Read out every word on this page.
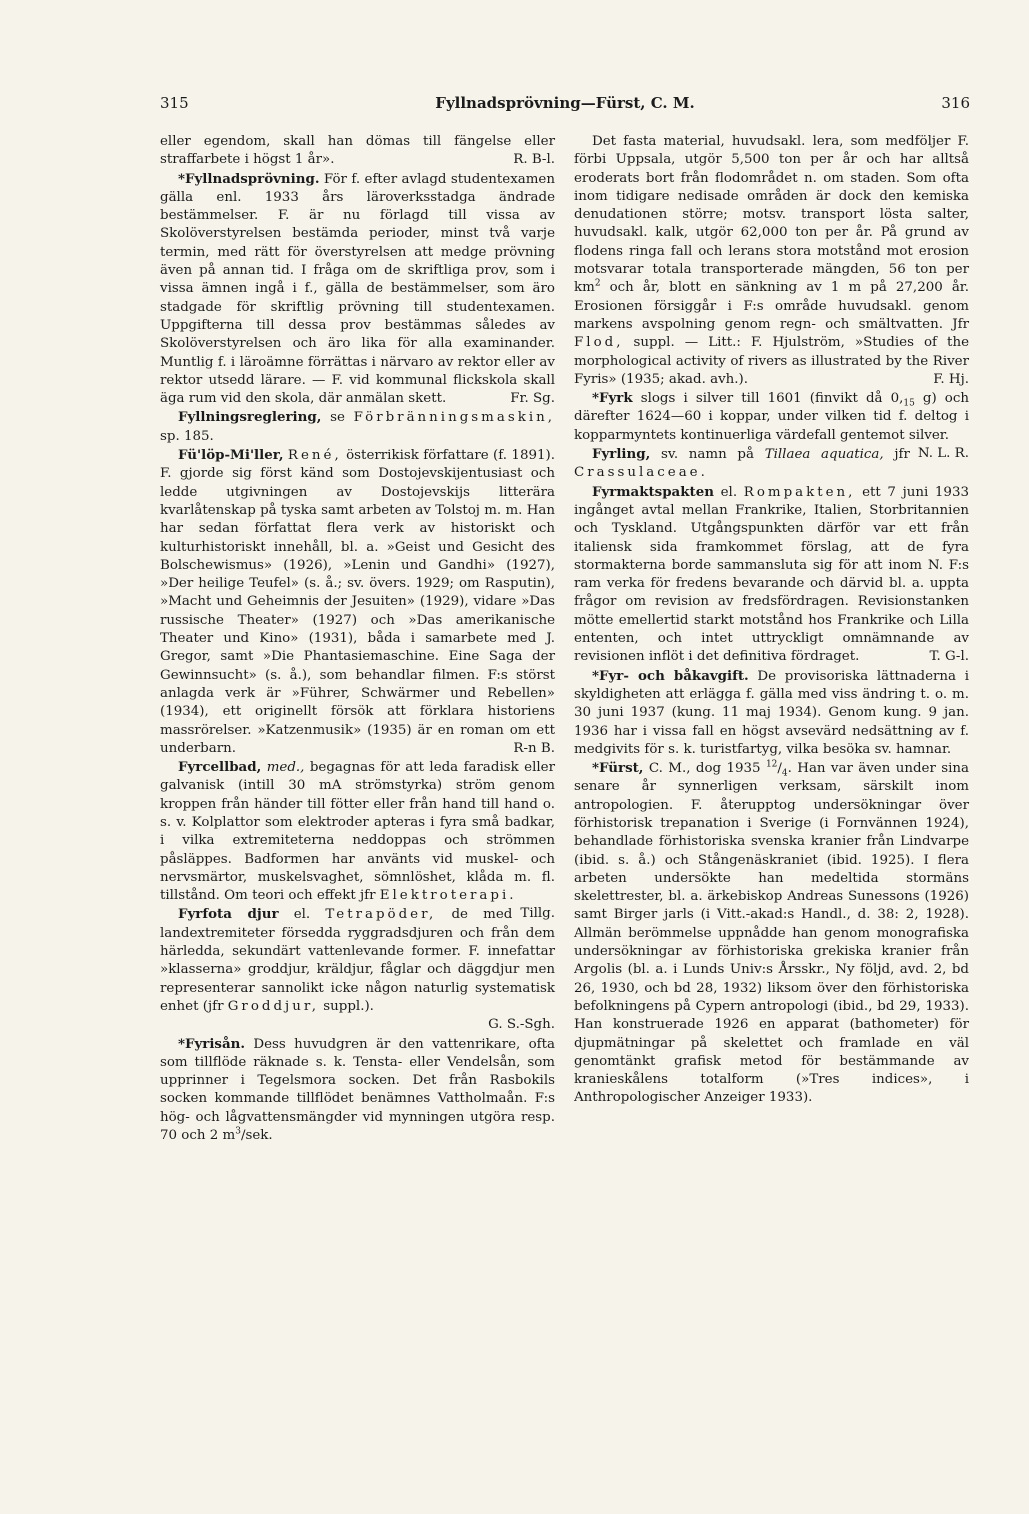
315	Fyllnadsprövning—Fürst, C. M.	316

eller egendom, skall han dömas till fängelse eller straffarbete i högst 1 år».	R. B-l.

*Fyllnadsprövning. För f. efter avlagd studentexamen gälla enl. 1933 års läroverksstadga ändrade bestämmelser. F. är nu förlagd till vissa av Skolöverstyrelsen bestämda perioder, minst två varje termin, med rätt för överstyrelsen att medge prövning även på annan tid. I fråga om de skriftliga prov, som i vissa ämnen ingå i f., gälla de bestämmelser, som äro stadgade för skriftlig prövning till studentexamen. Uppgifterna till dessa prov bestämmas således av Skolöverstyrelsen och äro lika för alla examinander. Muntlig f. i läroämne förrättas i närvaro av rektor eller av rektor utsedd lärare. — F. vid kommunal flickskola skall äga rum vid den skola, där anmälan skett.	Fr. Sg.

Fyllningsreglering, se Förbränningsmaskin, sp. 185.

Fü'löp-Mi'ller, René, österrikisk författare (f. 1891). F. gjorde sig först känd som Dostojevskijentusiast och ledde utgivningen av Dostojevskijs litterära kvarlåtenskap på tyska samt arbeten av Tolstoj m. m. Han har sedan författat flera verk av historiskt och kulturhistoriskt innehåll, bl. a. »Geist und Gesicht des Bolschewismus» (1926), »Lenin und Gandhi» (1927), »Der heilige Teufel» (s. å.; sv. övers. 1929; om Rasputin), »Macht und Geheimnis der Jesuiten» (1929), vidare »Das russische Theater» (1927) och »Das amerikanische Theater und Kino» (1931), båda i samarbete med J. Gregor, samt »Die Phantasiemaschine. Eine Saga der Gewinnsucht» (s. å.), som behandlar filmen. F:s störst anlagda verk är »Führer, Schwärmer und Rebellen» (1934), ett originellt försök att förklara historiens massrörelser. »Katzenmusik» (1935) är en roman om ett underbarn.	R-n B.

Fyrcellbad, med., begagnas för att leda faradisk eller galvanisk (intill 30 mA strömstyrka) ström genom kroppen från händer till fötter eller från hand till hand o. s. v. Kolplattor som elektroder apteras i fyra små badkar, i vilka extremiteterna neddoppas och strömmen påsläppes. Badformen har använts vid muskel- och nervsmärtor, muskelsvaghet, sömnlöshet, klåda m. fl. tillstånd. Om teori och effekt jfr Elektroterapi.
Tillg.

Fyrfota djur el. Tetrapöder, de med landextremiteter försedda ryggradsdjuren och från dem härledda, sekundärt vattenlevande former. F. innefattar »klasserna» groddjur, kräldjur, fåglar och däggdjur men representerar sannolikt icke någon naturlig systematisk enhet (jfr Groddjur, suppl.).
G. S.-Sgh.

*Fyrisån. Dess huvudgren är den vattenrikare, ofta som tillflöde räknade s. k. Tensta- eller Vendelsån, som upprinner i Tegelsmora socken. Det från Rasbokils socken kommande tillflödet benämnes Vattholmaån. F:s hög- och lågvattensmängder vid mynningen utgöra resp. 70 och 2 $m^3$/sek.

Det fasta material, huvudsakl. lera, som medföljer F. förbi Uppsala, utgör 5,500 ton per år och har alltså eroderats bort från flodområdet n. om staden. Som ofta inom tidigare nedisade områden är dock den kemiska denudationen större; motsv. transport lösta salter, huvudsakl. kalk, utgör 62,000 ton per år. På grund av flodens ringa fall och lerans stora motstånd mot erosion motsvarar totala transporterade mängden, 56 ton per $km^2$ och år, blott en sänkning av 1 m på 27,200 år. Erosionen försiggår i F:s område huvudsakl. genom markens avspolning genom regn- och smältvatten. Jfr Flod, suppl. — Litt.: F. Hjulström, »Studies of the morphological activity of rivers as illustrated by the River Fyris» (1935; akad. avh.).	F. Hj.

*Fyrk slogs i silver till 1601 (finvikt då $0,_{15}$ g) och därefter 1624—60 i koppar, under vilken tid f. deltog i kopparmyntets kontinuerliga värdefall gentemot silver.
N. L. R.

Fyrling, sv. namn på Tillaea aquatica, jfr Crassulaceae.

Fyrmaktspakten el. Rompakten, ett 7 juni 1933 ingånget avtal mellan Frankrike, Italien, Storbritannien och Tyskland. Utgångspunkten därför var ett från italiensk sida framkommet förslag, att de fyra stormakterna borde sammansluta sig för att inom N. F:s ram verka för fredens bevarande och därvid bl. a. uppta frågor om revision av fredsfördragen. Revisionstanken mötte emellertid starkt motstånd hos Frankrike och Lilla ententen, och intet uttryckligt omnämnande av revisionen inflöt i det definitiva fördraget.	T. G-l.

*Fyr- och båkavgift. De provisoriska lättnaderna i skyldigheten att erlägga f. gälla med viss ändring t. o. m. 30 juni 1937 (kung. 11 maj 1934). Genom kung. 9 jan. 1936 har i vissa fall en högst avsevärd nedsättning av f. medgivits för s. k. turistfartyg, vilka besöka sv. hamnar.

*Fürst, C. M., dog 1935 $^{12}/_4$. Han var även under sina senare år synnerligen verksam, särskilt inom antropologien. F. återupptog undersökningar över förhistorisk trepanation i Sverige (i Fornvännen 1924), behandlade förhistoriska svenska kranier från Lindvarpe (ibid. s. å.) och Stångenäskraniet (ibid. 1925). I flera arbeten undersökte han medeltida stormäns skelettrester, bl. a. ärkebiskop Andreas Sunessons (1926) samt Birger jarls (i Vitt.-akad:s Handl., d. 38: 2, 1928). Allmän berömmelse uppnådde han genom monografiska undersökningar av förhistoriska grekiska kranier från Argolis (bl. a. i Lunds Univ:s Årsskr., Ny följd, avd. 2, bd 26, 1930, och bd 28, 1932) liksom över den förhistoriska befolkningens på Cypern antropologi (ibid., bd 29, 1933). Han konstruerade 1926 en apparat (bathometer) för djupmätningar på skelettet och framlade en väl genomtänkt grafisk metod för bestämmande av kranieskålens totalform (»Tres indices», i Anthropologischer Anzeiger 1933).
